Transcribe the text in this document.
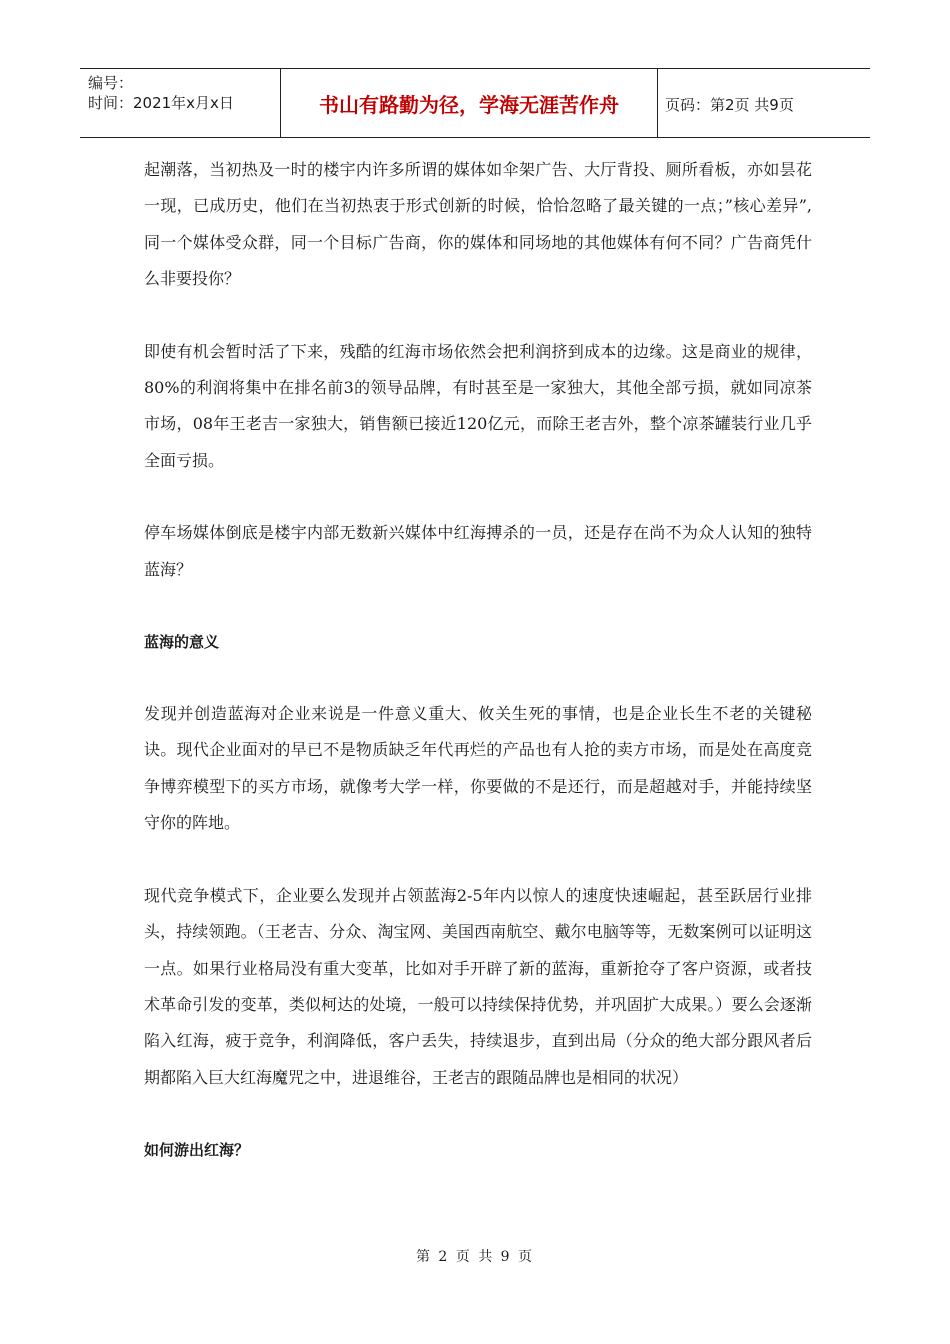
编号：
时间：2021年x月x日	书山有路勤为径，学海无涯苦作舟	页码：第2页 共9页

起潮落，当初热及一时的楼宇内许多所谓的媒体如伞架广告、大厅背投、厕所看板，亦如昙花一现，已成历史，他们在当初热衷于形式创新的时候，恰恰忽略了最关键的一点；”核心差异”,同一个媒体受众群，同一个目标广告商，你的媒体和同场地的其他媒体有何不同？广告商凭什么非要投你？

即使有机会暂时活了下来，残酷的红海市场依然会把利润挤到成本的边缘。这是商业的规律，80%的利润将集中在排名前3的领导品牌，有时甚至是一家独大，其他全部亏损，就如同凉茶市场，08年王老吉一家独大，销售额已接近120亿元，而除王老吉外，整个凉茶罐装行业几乎全面亏损。

停车场媒体倒底是楼宇内部无数新兴媒体中红海搏杀的一员，还是存在尚不为众人认知的独特蓝海？

蓝海的意义

发现并创造蓝海对企业来说是一件意义重大、攸关生死的事情，也是企业长生不老的关键秘诀。现代企业面对的早已不是物质缺乏年代再烂的产品也有人抢的卖方市场，而是处在高度竞争博弈模型下的买方市场，就像考大学一样，你要做的不是还行，而是超越对手，并能持续坚守你的阵地。

现代竞争模式下，企业要么发现并占领蓝海2-5年内以惊人的速度快速崛起，甚至跃居行业排头，持续领跑。（王老吉、分众、淘宝网、美国西南航空、戴尔电脑等等，无数案例可以证明这一点。如果行业格局没有重大变革，比如对手开辟了新的蓝海，重新抢夺了客户资源，或者技术革命引发的变革，类似柯达的处境，一般可以持续保持优势，并巩固扩大成果。）要么会逐渐陷入红海，疲于竞争，利润降低，客户丢失，持续退步，直到出局（分众的绝大部分跟风者后期都陷入巨大红海魔咒之中，进退维谷，王老吉的跟随品牌也是相同的状况）

如何游出红海？
第 2 页 共 9 页
